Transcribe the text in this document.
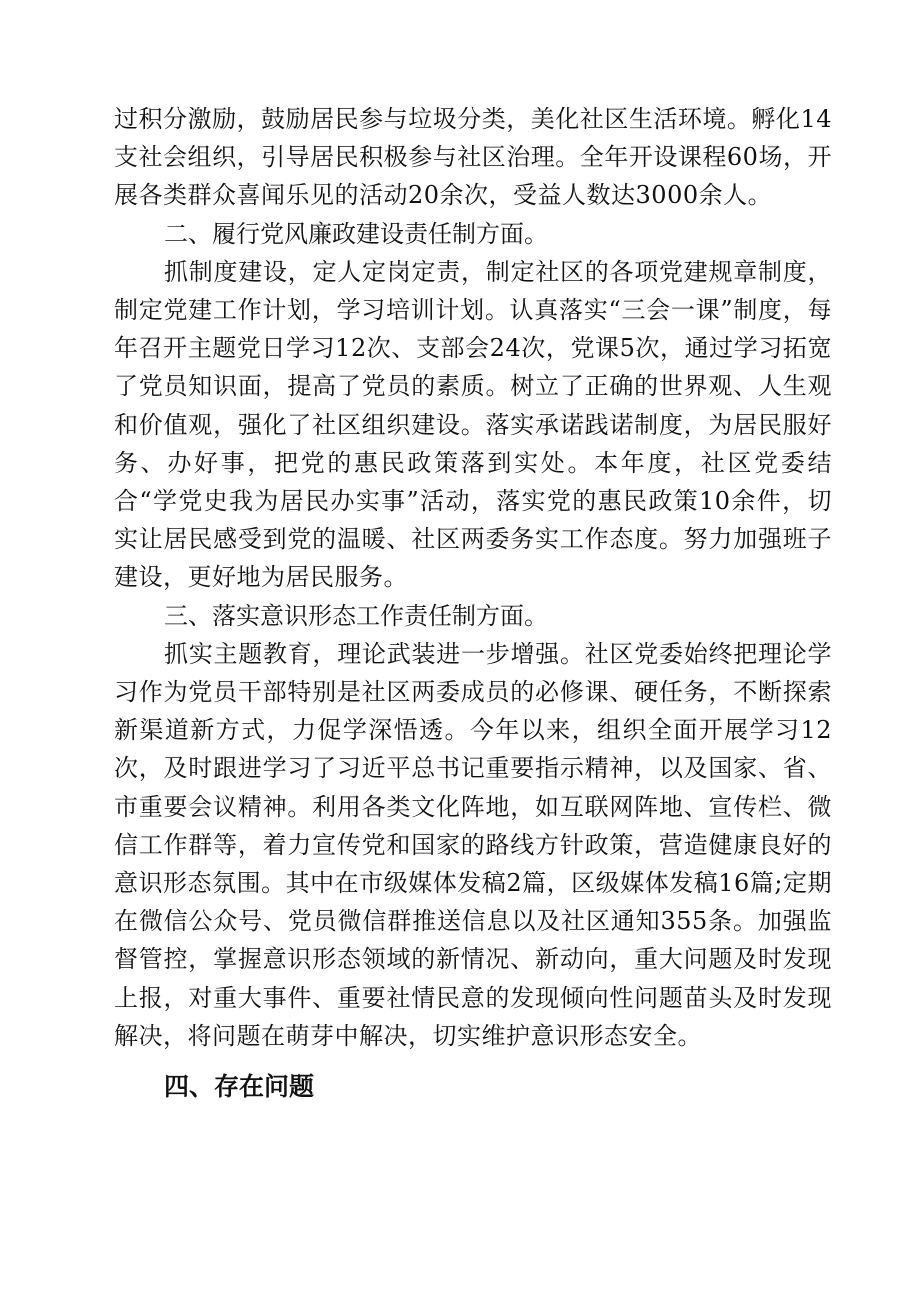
过积分激励，鼓励居民参与垃圾分类，美化社区生活环境。孵化14支社会组织，引导居民积极参与社区治理。全年开设课程60场，开展各类群众喜闻乐见的活动20余次，受益人数达3000余人。

二、履行党风廉政建设责任制方面。

抓制度建设，定人定岗定责，制定社区的各项党建规章制度，制定党建工作计划，学习培训计划。认真落实“三会一课”制度，每年召开主题党日学习12次、支部会24次，党课5次，通过学习拓宽了党员知识面，提高了党员的素质。树立了正确的世界观、人生观和价值观，强化了社区组织建设。落实承诺践诺制度，为居民服好务、办好事，把党的惠民政策落到实处。本年度，社区党委结合“学党史我为居民办实事”活动，落实党的惠民政策10余件，切实让居民感受到党的温暖、社区两委务实工作态度。努力加强班子建设，更好地为居民服务。

三、落实意识形态工作责任制方面。

抓实主题教育，理论武装进一步增强。社区党委始终把理论学习作为党员干部特别是社区两委成员的必修课、硬任务，不断探索新渠道新方式，力促学深悟透。今年以来，组织全面开展学习12次，及时跟进学习了习近平总书记重要指示精神，以及国家、省、市重要会议精神。利用各类文化阵地，如互联网阵地、宣传栏、微信工作群等，着力宣传党和国家的路线方针政策，营造健康良好的意识形态氛围。其中在市级媒体发稿2篇，区级媒体发稿16篇;定期在微信公众号、党员微信群推送信息以及社区通知355条。加强监督管控，掌握意识形态领域的新情况、新动向，重大问题及时发现上报，对重大事件、重要社情民意的发现倾向性问题苗头及时发现解决，将问题在萌芽中解决，切实维护意识形态安全。

四、存在问题
